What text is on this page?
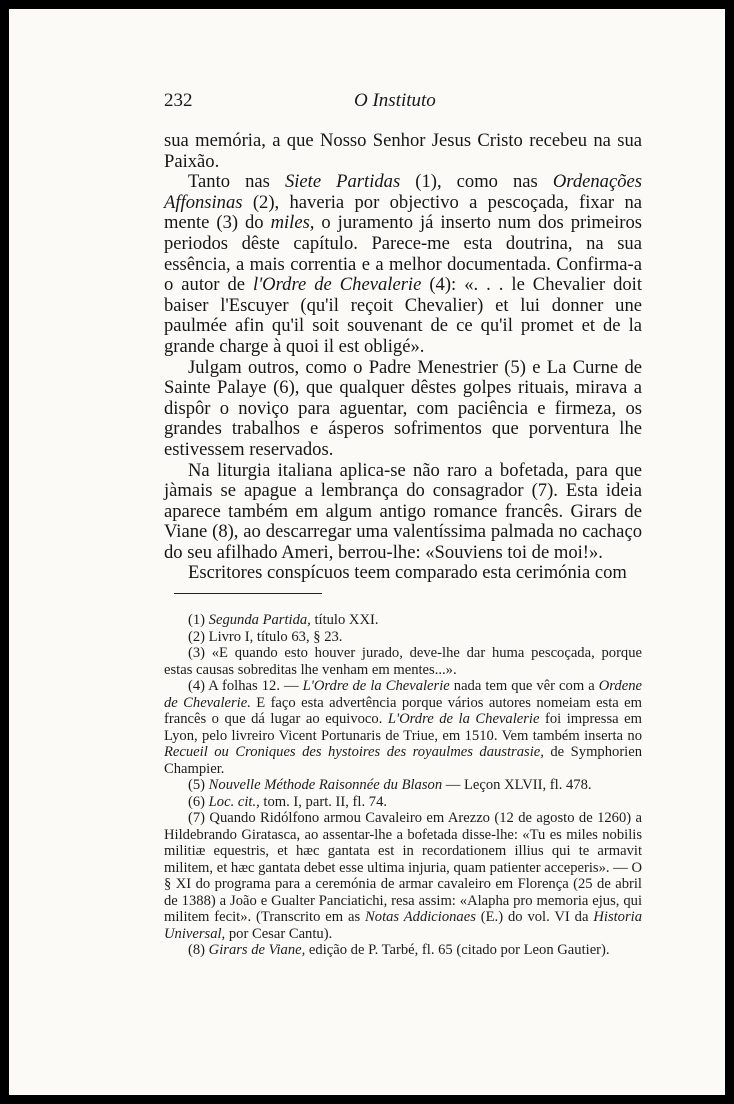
232	O Instituto

sua memória, a que Nosso Senhor Jesus Cristo recebeu na sua Paixão.

Tanto nas Siete Partidas (1), como nas Ordenações Affonsinas (2), haveria por objectivo a pescoçada, fixar na mente (3) do miles, o juramento já inserto num dos primeiros periodos dêste capítulo. Parece-me esta doutrina, na sua essência, a mais correntia e a melhor documentada. Confirma-a o autor de l'Ordre de Chevalerie (4): «. . . le Chevalier doit baiser l'Escuyer (qu'il reçoit Chevalier) et lui donner une paulmée afin qu'il soit souvenant de ce qu'il promet et de la grande charge à quoi il est obligé».

Julgam outros, como o Padre Menestrier (5) e La Curne de Sainte Palaye (6), que qualquer dêstes golpes rituais, mirava a dispôr o noviço para aguentar, com paciência e firmeza, os grandes trabalhos e ásperos sofrimentos que porventura lhe estivessem reservados.

Na liturgia italiana aplica-se não raro a bofetada, para que jàmais se apague a lembrança do consagrador (7). Esta ideia aparece também em algum antigo romance francês. Girars de Viane (8), ao descarregar uma valentíssima palmada no cachaço do seu afilhado Ameri, berrou-lhe: «Souviens toi de moi!».

Escritores conspícuos teem comparado esta cerimónia com

(1) Segunda Partida, título XXI.

(2) Livro I, título 63, § 23.

(3) «E quando esto houver jurado, deve-lhe dar huma pescoçada, porque estas causas sobreditas lhe venham em mentes...».

(4) A folhas 12. — L'Ordre de la Chevalerie nada tem que vêr com a Ordene de Chevalerie. E faço esta advertência porque vários autores nomeiam esta em francês o que dá lugar ao equivoco. L'Ordre de la Chevalerie foi impressa em Lyon, pelo livreiro Vicent Portunaris de Triue, em 1510. Vem também inserta no Recueil ou Croniques des hystoires des royaulmes daustrasie, de Symphorien Champier.

(5) Nouvelle Méthode Raisonnée du Blason — Leçon XLVII, fl. 478.

(6) Loc. cit., tom. I, part. II, fl. 74.

(7) Quando Ridólfono armou Cavaleiro em Arezzo (12 de agosto de 1260) a Hildebrando Giratasca, ao assentar-lhe a bofetada disse-lhe: «Tu es miles nobilis militiæ equestris, et hæc gantata est in recordationem illius qui te armavit militem, et hæc gantata debet esse ultima injuria, quam patienter acceperis». — O § XI do programa para a ceremónia de armar cavaleiro em Florença (25 de abril de 1388) a João e Gualter Panciatichi, resa assim: «Alapha pro memoria ejus, qui militem fecit». (Transcrito em as Notas Addicionaes (E.) do vol. VI da Historia Universal, por Cesar Cantu).

(8) Girars de Viane, edição de P. Tarbé, fl. 65 (citado por Leon Gautier).
